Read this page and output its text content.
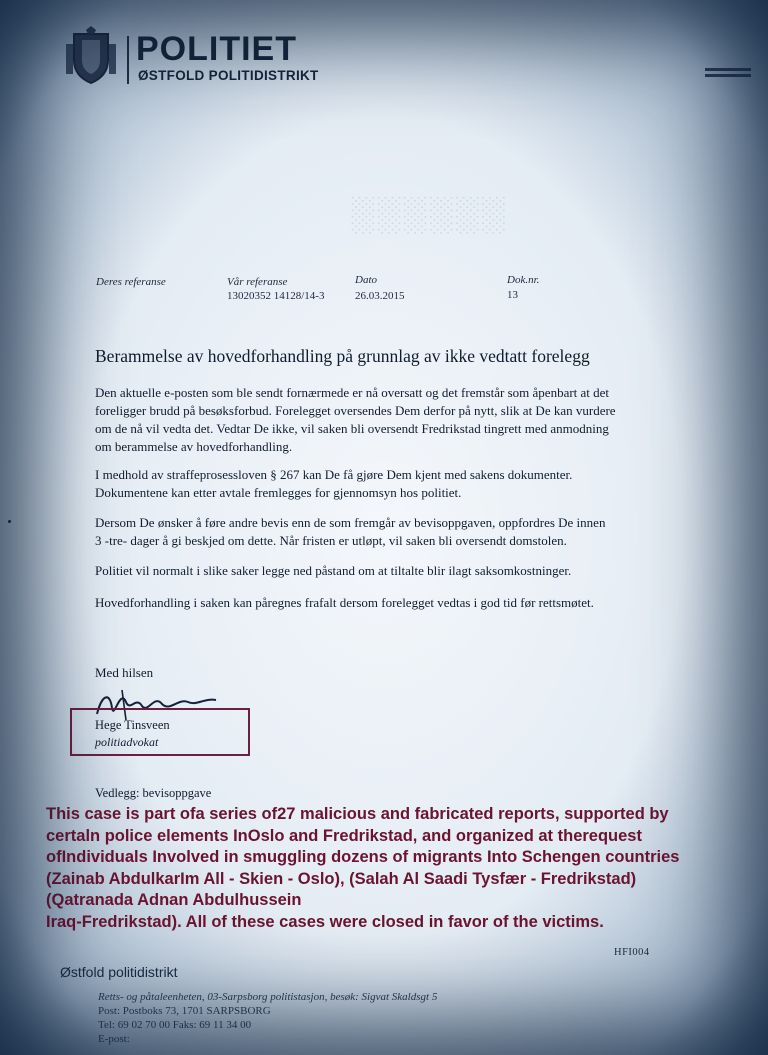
░░░░░░
POLITIET
ØSTFOLD POLITIDISTRIKT
Deres referanse	Vår referanse
13020352 14128/14-3
Dato
26.03.2015
Dok.nr.
13
Berammelse av hovedforhandling på grunnlag av ikke vedtatt forelegg
Den aktuelle e-posten som ble sendt fornærmede er nå oversatt og det fremstår som åpenbart at det
foreligger brudd på besøksforbud. Forelegget oversendes Dem derfor på nytt, slik at De kan vurdere
om de nå vil vedta det. Vedtar De ikke, vil saken bli oversendt Fredrikstad tingrett med anmodning
om berammelse av hovedforhandling.
I medhold av straffeprosessloven § 267 kan De få gjøre Dem kjent med sakens dokumenter.
Dokumentene kan etter avtale fremlegges for gjennomsyn hos politiet.
Dersom De ønsker å føre andre bevis enn de som fremgår av bevisoppgaven, oppfordres De innen
3 -tre- dager å gi beskjed om dette. Når fristen er utløpt, vil saken bli oversendt domstolen.
Politiet vil normalt i slike saker legge ned påstand om at tiltalte blir ilagt saksomkostninger.
Hovedforhandling i saken kan påregnes frafalt dersom forelegget vedtas i god tid før rettsmøtet.
Med hilsen
Hege Tinsveen
politiadvokat
Vedlegg: bevisoppgave
This case is part ofa series of27 malicious and fabricated reports, supported by
certaln police elements InOslo and Fredrikstad, and organized at therequest
ofIndividuals Involved in smuggling dozens of migrants Into Schengen countries
(Zainab AbdulkarIm All - Skien - Oslo), (Salah Al Saadi Tysfær - Fredrikstad)
(Qatranada Adnan Abdulhussein
Iraq-Fredrikstad). All of these cases were closed in favor of the victims.
HFI004
Østfold politidistrikt
Retts- og påtaleenheten, 03-Sarpsborg politistasjon, besøk: Sigvat Skaldsgt 5
Post: Postboks 73, 1701 SARPSBORG
Tel: 69 02 70 00 Faks: 69 11 34 00
E-post:
